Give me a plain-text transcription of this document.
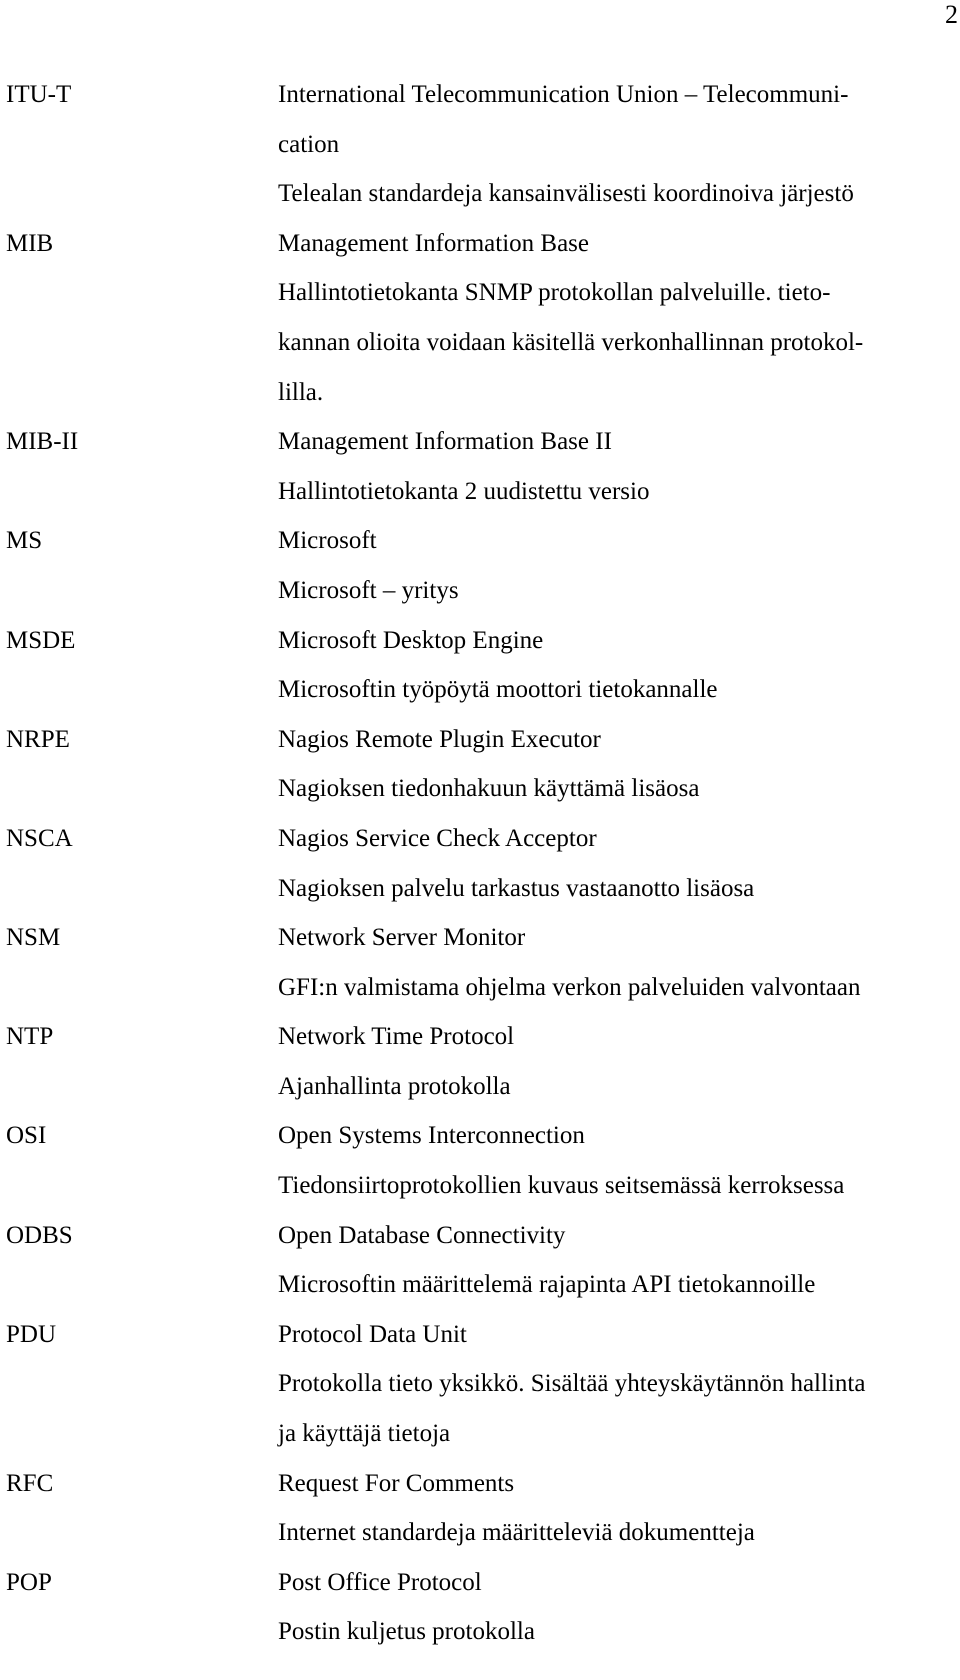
2
ITU-T	International Telecommunication Union – Telecommuni-
cation
Telealan standardeja kansainvälisesti koordinoiva järjestö
MIB	Management Information Base
Hallintotietokanta SNMP protokollan palveluille. tieto-
kannan olioita voidaan käsitellä verkonhallinnan protokol-
lilla.
MIB-II	Management Information Base II
Hallintotietokanta 2 uudistettu versio
MS	Microsoft
Microsoft – yritys
MSDE	Microsoft Desktop Engine
Microsoftin työpöytä moottori tietokannalle
NRPE	Nagios Remote Plugin Executor
Nagioksen tiedonhakuun käyttämä lisäosa
NSCA	Nagios Service Check Acceptor
Nagioksen palvelu tarkastus vastaanotto lisäosa
NSM	Network Server Monitor
GFI:n valmistama ohjelma verkon palveluiden valvontaan
NTP	Network Time Protocol
Ajanhallinta protokolla
OSI	Open Systems Interconnection
Tiedonsiirtoprotokollien kuvaus seitsemässä kerroksessa
ODBS	Open Database Connectivity
Microsoftin määrittelemä rajapinta API tietokannoille
PDU	Protocol Data Unit
Protokolla tieto yksikkö. Sisältää yhteyskäytännön hallinta
ja käyttäjä tietoja
RFC	Request For Comments
Internet standardeja määritteleviä dokumentteja
POP	Post Office Protocol
Postin kuljetus protokolla
